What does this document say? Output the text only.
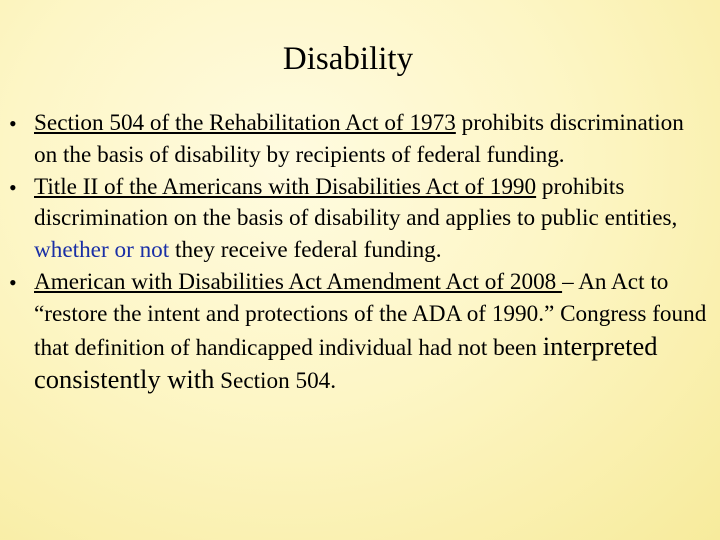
Disability
• Section 504 of the Rehabilitation Act of 1973 prohibits discrimination on the basis of disability by recipients of federal funding.
• Title II of the Americans with Disabilities Act of 1990 prohibits discrimination on the basis of disability and applies to public entities, whether or not they receive federal funding.
• American with Disabilities Act Amendment Act of 2008 – An Act to “restore the intent and protections of the ADA of 1990.” Congress found that definition of handicapped individual had not been interpreted consistently with Section 504.
